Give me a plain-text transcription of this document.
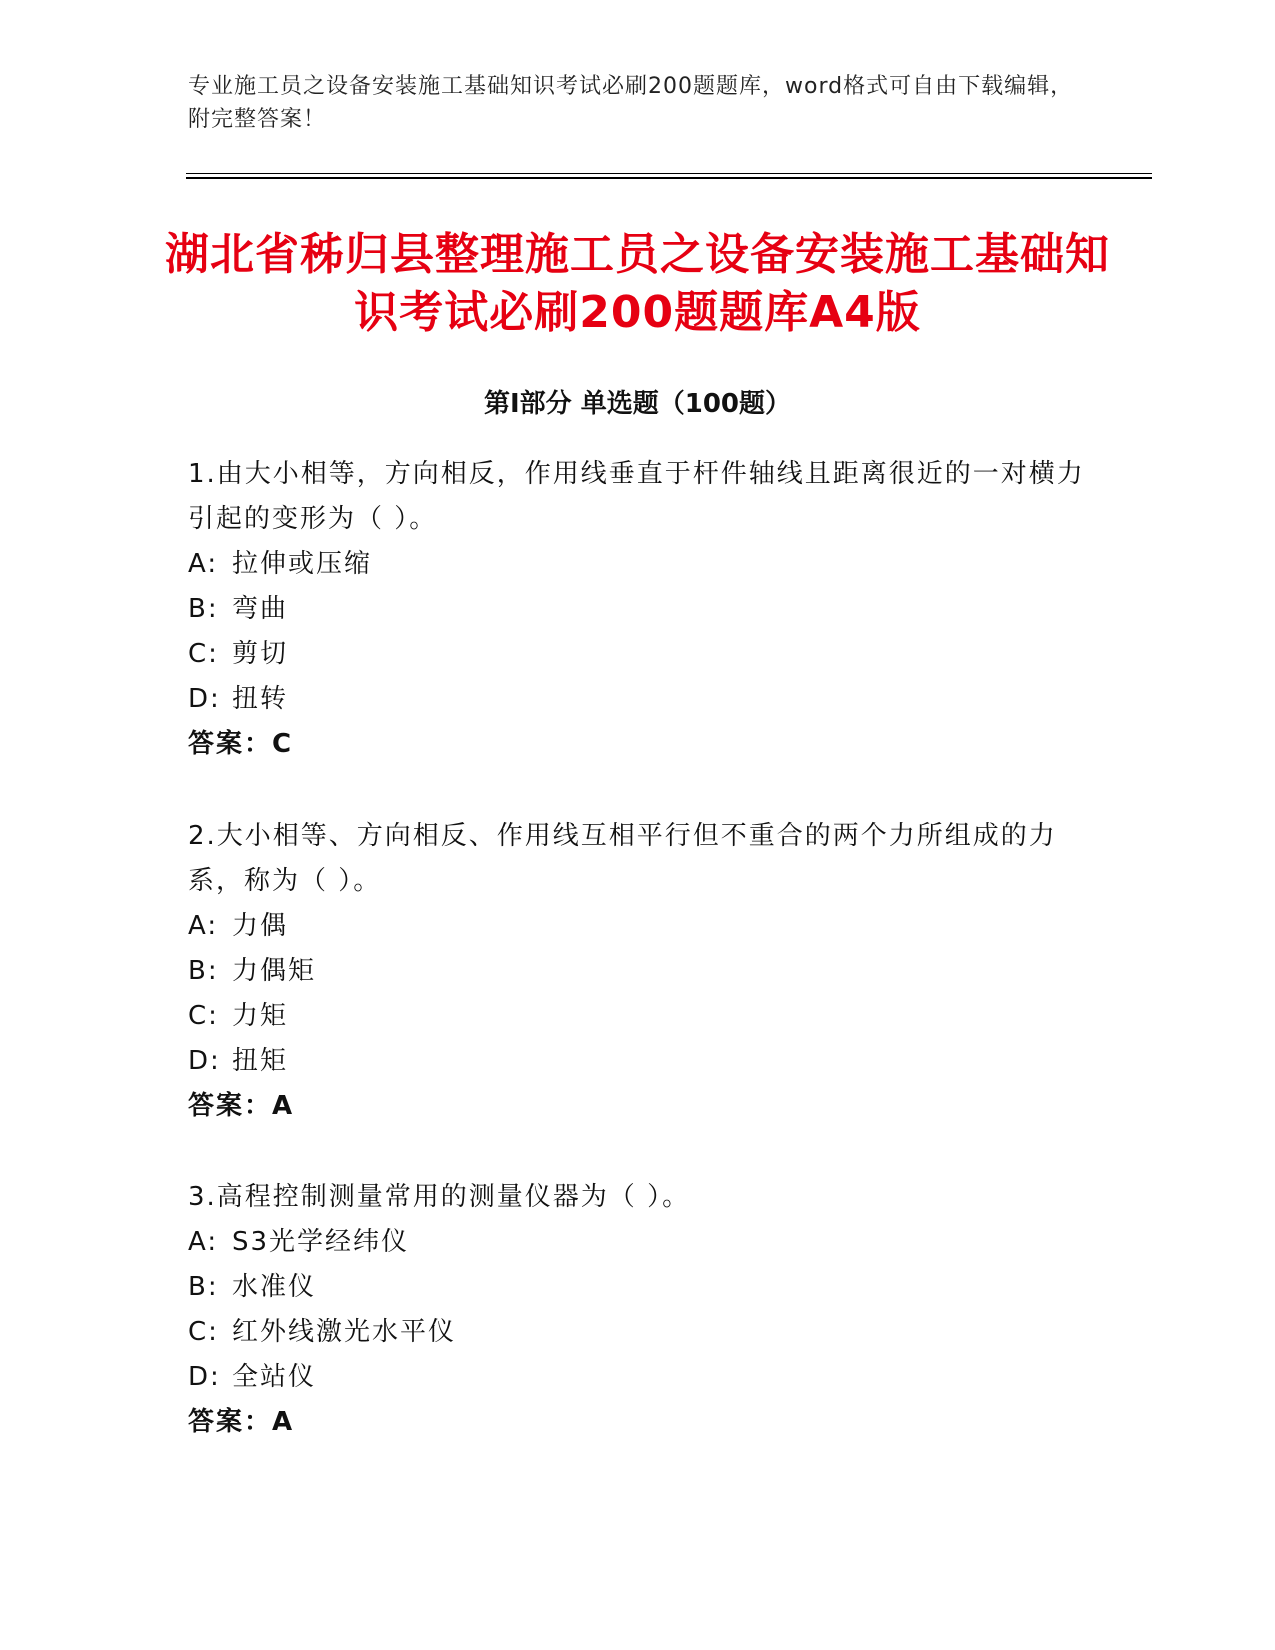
专业施工员之设备安装施工基础知识考试必刷200题题库，word格式可自由下载编辑，附完整答案！
湖北省秭归县整理施工员之设备安装施工基础知识考试必刷200题题库A4版
第Ⅰ部分 单选题（100题）

1.由大小相等，方向相反，作用线垂直于杆件轴线且距离很近的一对横力引起的变形为（ ）。

A: 拉伸或压缩

B: 弯曲

C: 剪切

D: 扭转

答案：C

2.大小相等、方向相反、作用线互相平行但不重合的两个力所组成的力系，称为（ ）。

A: 力偶

B: 力偶矩

C: 力矩

D: 扭矩

答案：A

3.高程控制测量常用的测量仪器为（ ）。

A: S3光学经纬仪

B: 水准仪

C: 红外线激光水平仪

D: 全站仪

答案：A
